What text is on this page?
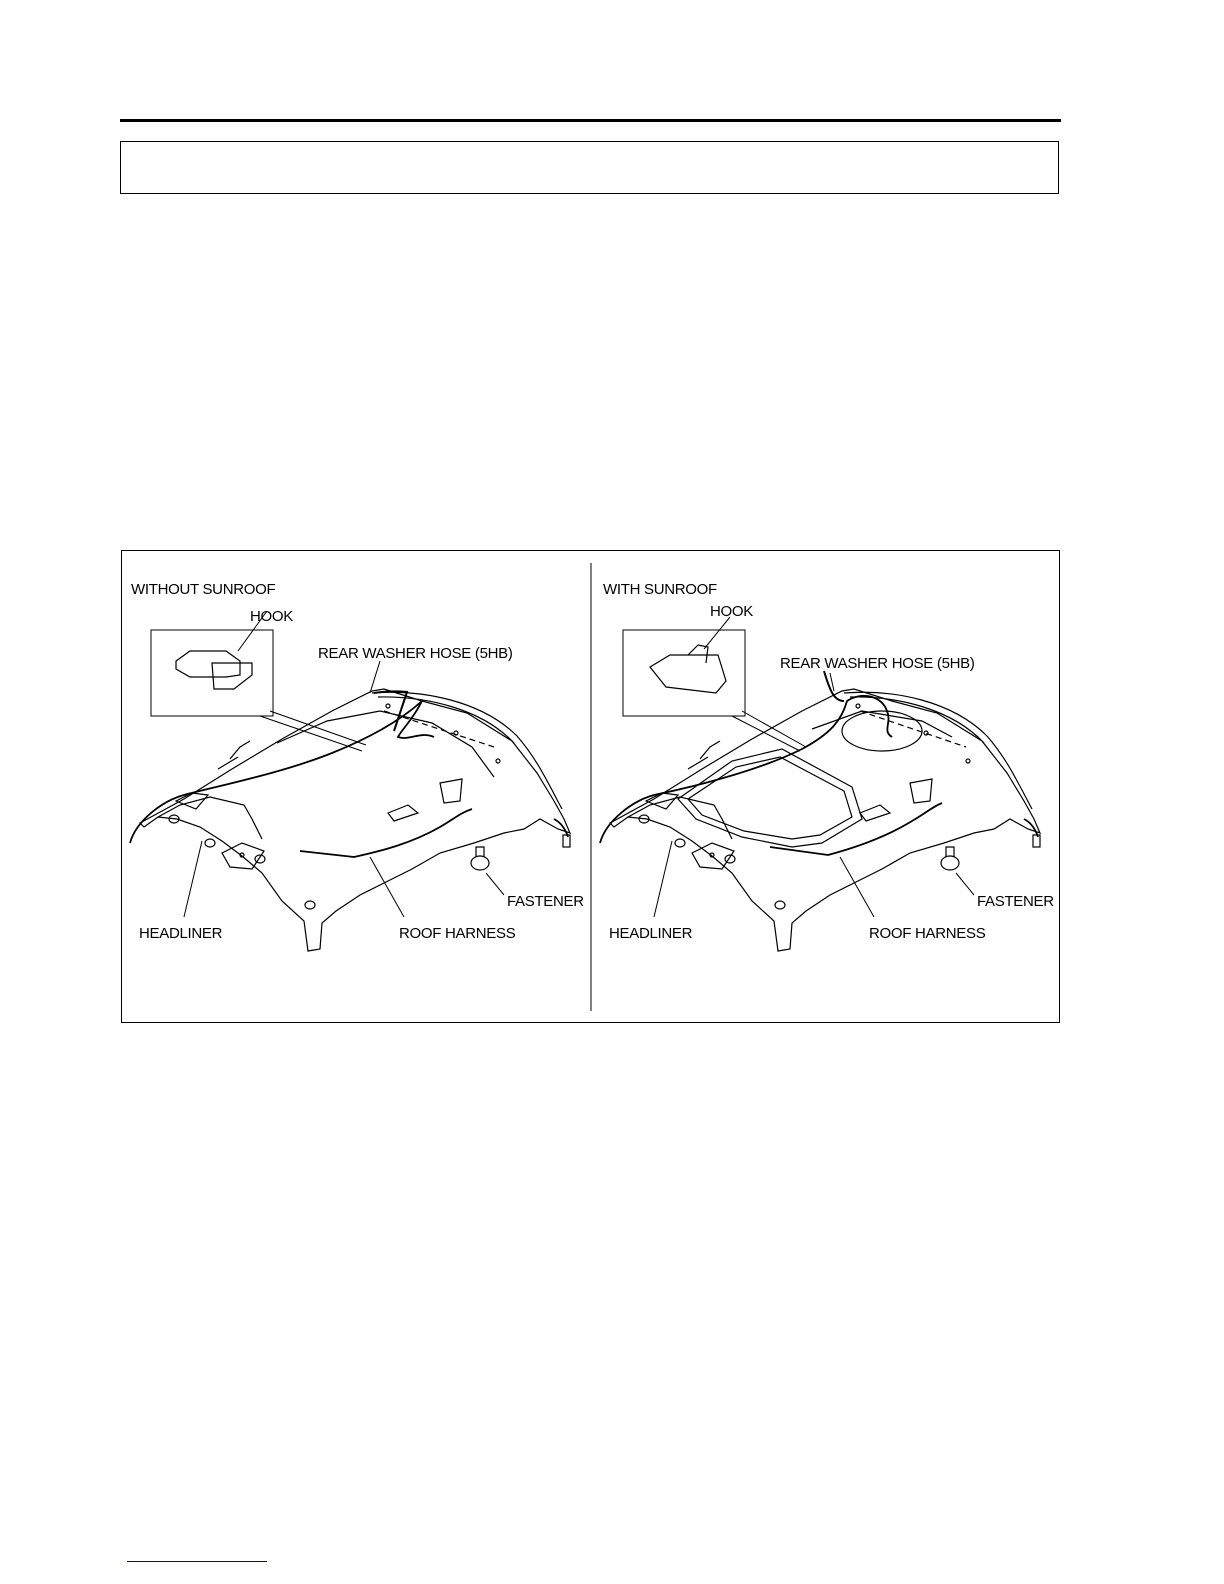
WITHOUT SUNROOF
HOOK
REAR WASHER HOSE (5HB)
FASTENER
HEADLINER	ROOF HARNESS
WITH SUNROOF
HOOK
REAR WASHER HOSE (5HB)
FASTENER
HEADLINER	ROOF HARNESS
